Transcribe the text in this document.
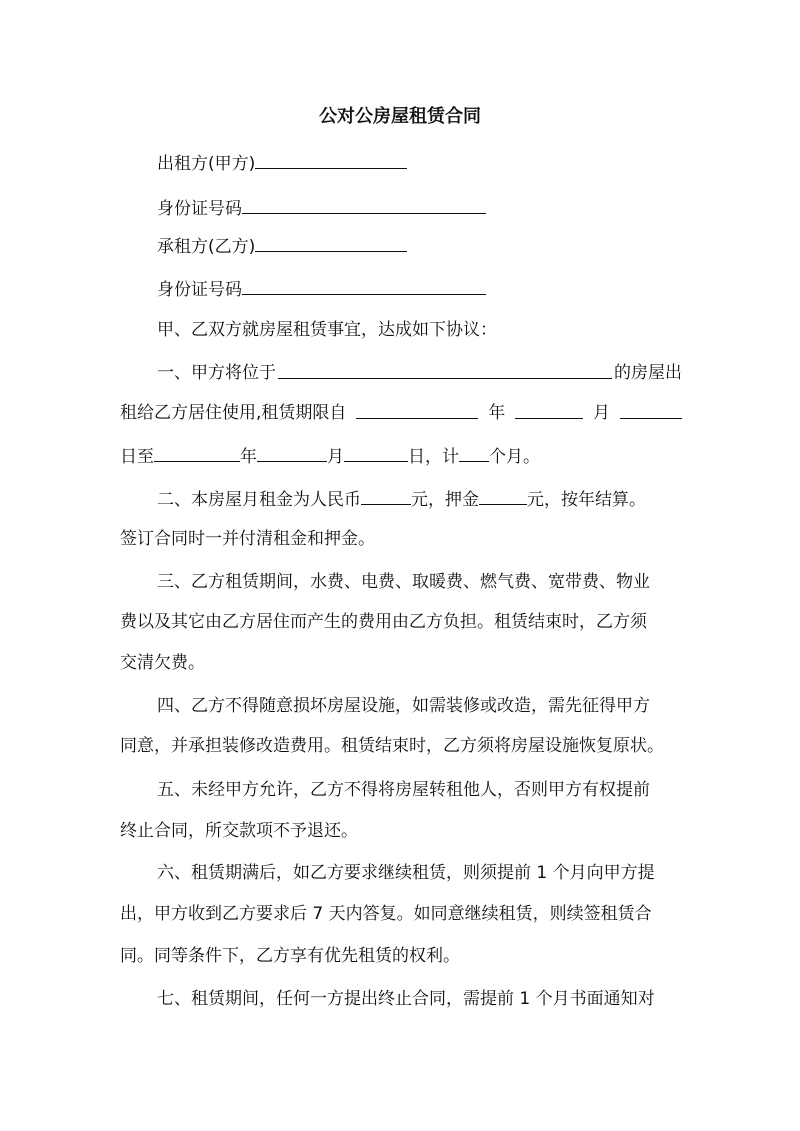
公对公房屋租赁合同
出租方(甲方)
身份证号码
承租方(乙方)
身份证号码
甲、乙双方就房屋租赁事宜，达成如下协议：
一、甲方将位于	的房屋出
租给乙方居住使用,租赁期限自	年	月
日至	年	月	日，计 个月。
二、本房屋月租金为人民币	元，押金	元，按年结算。
签订合同时一并付清租金和押金。
三、乙方租赁期间，水费、电费、取暖费、燃气费、宽带费、物业
费以及其它由乙方居住而产生的费用由乙方负担。租赁结束时，乙方须
交清欠费。
四、乙方不得随意损坏房屋设施，如需装修或改造，需先征得甲方
同意，并承担装修改造费用。租赁结束时，乙方须将房屋设施恢复原状。
五、未经甲方允许，乙方不得将房屋转租他人，否则甲方有权提前
终止合同，所交款项不予退还。
六、租赁期满后，如乙方要求继续租赁，则须提前 1 个月向甲方提
出，甲方收到乙方要求后 7 天内答复。如同意继续租赁，则续签租赁合
同。同等条件下，乙方享有优先租赁的权利。
七、租赁期间，任何一方提出终止合同，需提前 1 个月书面通知对
